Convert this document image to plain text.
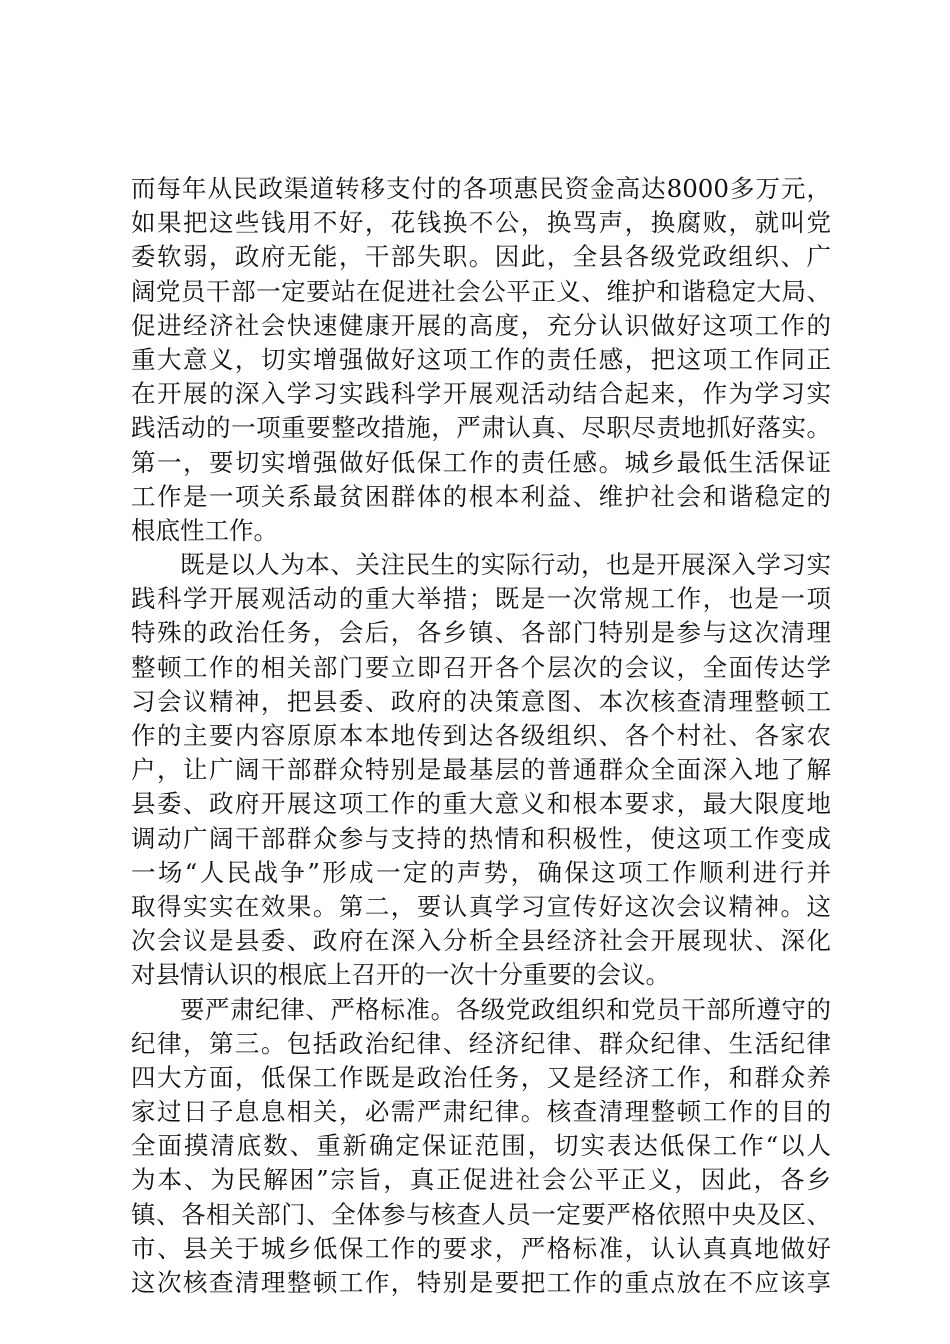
而每年从民政渠道转移支付的各项惠民资金高达8000多万元，
如果把这些钱用不好，花钱换不公，换骂声，换腐败，就叫党
委软弱，政府无能，干部失职。因此，全县各级党政组织、广
阔党员干部一定要站在促进社会公平正义、维护和谐稳定大局、
促进经济社会快速健康开展的高度，充分认识做好这项工作的
重大意义，切实增强做好这项工作的责任感，把这项工作同正
在开展的深入学习实践科学开展观活动结合起来，作为学习实
践活动的一项重要整改措施，严肃认真、尽职尽责地抓好落实。
第一，要切实增强做好低保工作的责任感。城乡最低生活保证
工作是一项关系最贫困群体的根本利益、维护社会和谐稳定的
根底性工作。
既是以人为本、关注民生的实际行动，也是开展深入学习实
践科学开展观活动的重大举措；既是一次常规工作，也是一项
特殊的政治任务，会后，各乡镇、各部门特别是参与这次清理
整顿工作的相关部门要立即召开各个层次的会议，全面传达学
习会议精神，把县委、政府的决策意图、本次核查清理整顿工
作的主要内容原原本本地传到达各级组织、各个村社、各家农
户，让广阔干部群众特别是最基层的普通群众全面深入地了解
县委、政府开展这项工作的重大意义和根本要求，最大限度地
调动广阔干部群众参与支持的热情和积极性，使这项工作变成
一场“人民战争”形成一定的声势，确保这项工作顺利进行并
取得实实在效果。第二，要认真学习宣传好这次会议精神。这
次会议是县委、政府在深入分析全县经济社会开展现状、深化
对县情认识的根底上召开的一次十分重要的会议。
要严肃纪律、严格标准。各级党政组织和党员干部所遵守的
纪律，第三。包括政治纪律、经济纪律、群众纪律、生活纪律
四大方面，低保工作既是政治任务，又是经济工作，和群众养
家过日子息息相关，必需严肃纪律。核查清理整顿工作的目的
全面摸清底数、重新确定保证范围，切实表达低保工作“以人
为本、为民解困”宗旨，真正促进社会公平正义，因此，各乡
镇、各相关部门、全体参与核查人员一定要严格依照中央及区、
市、县关于城乡低保工作的要求，严格标准，认认真真地做好
这次核查清理整顿工作，特别是要把工作的重点放在不应该享
